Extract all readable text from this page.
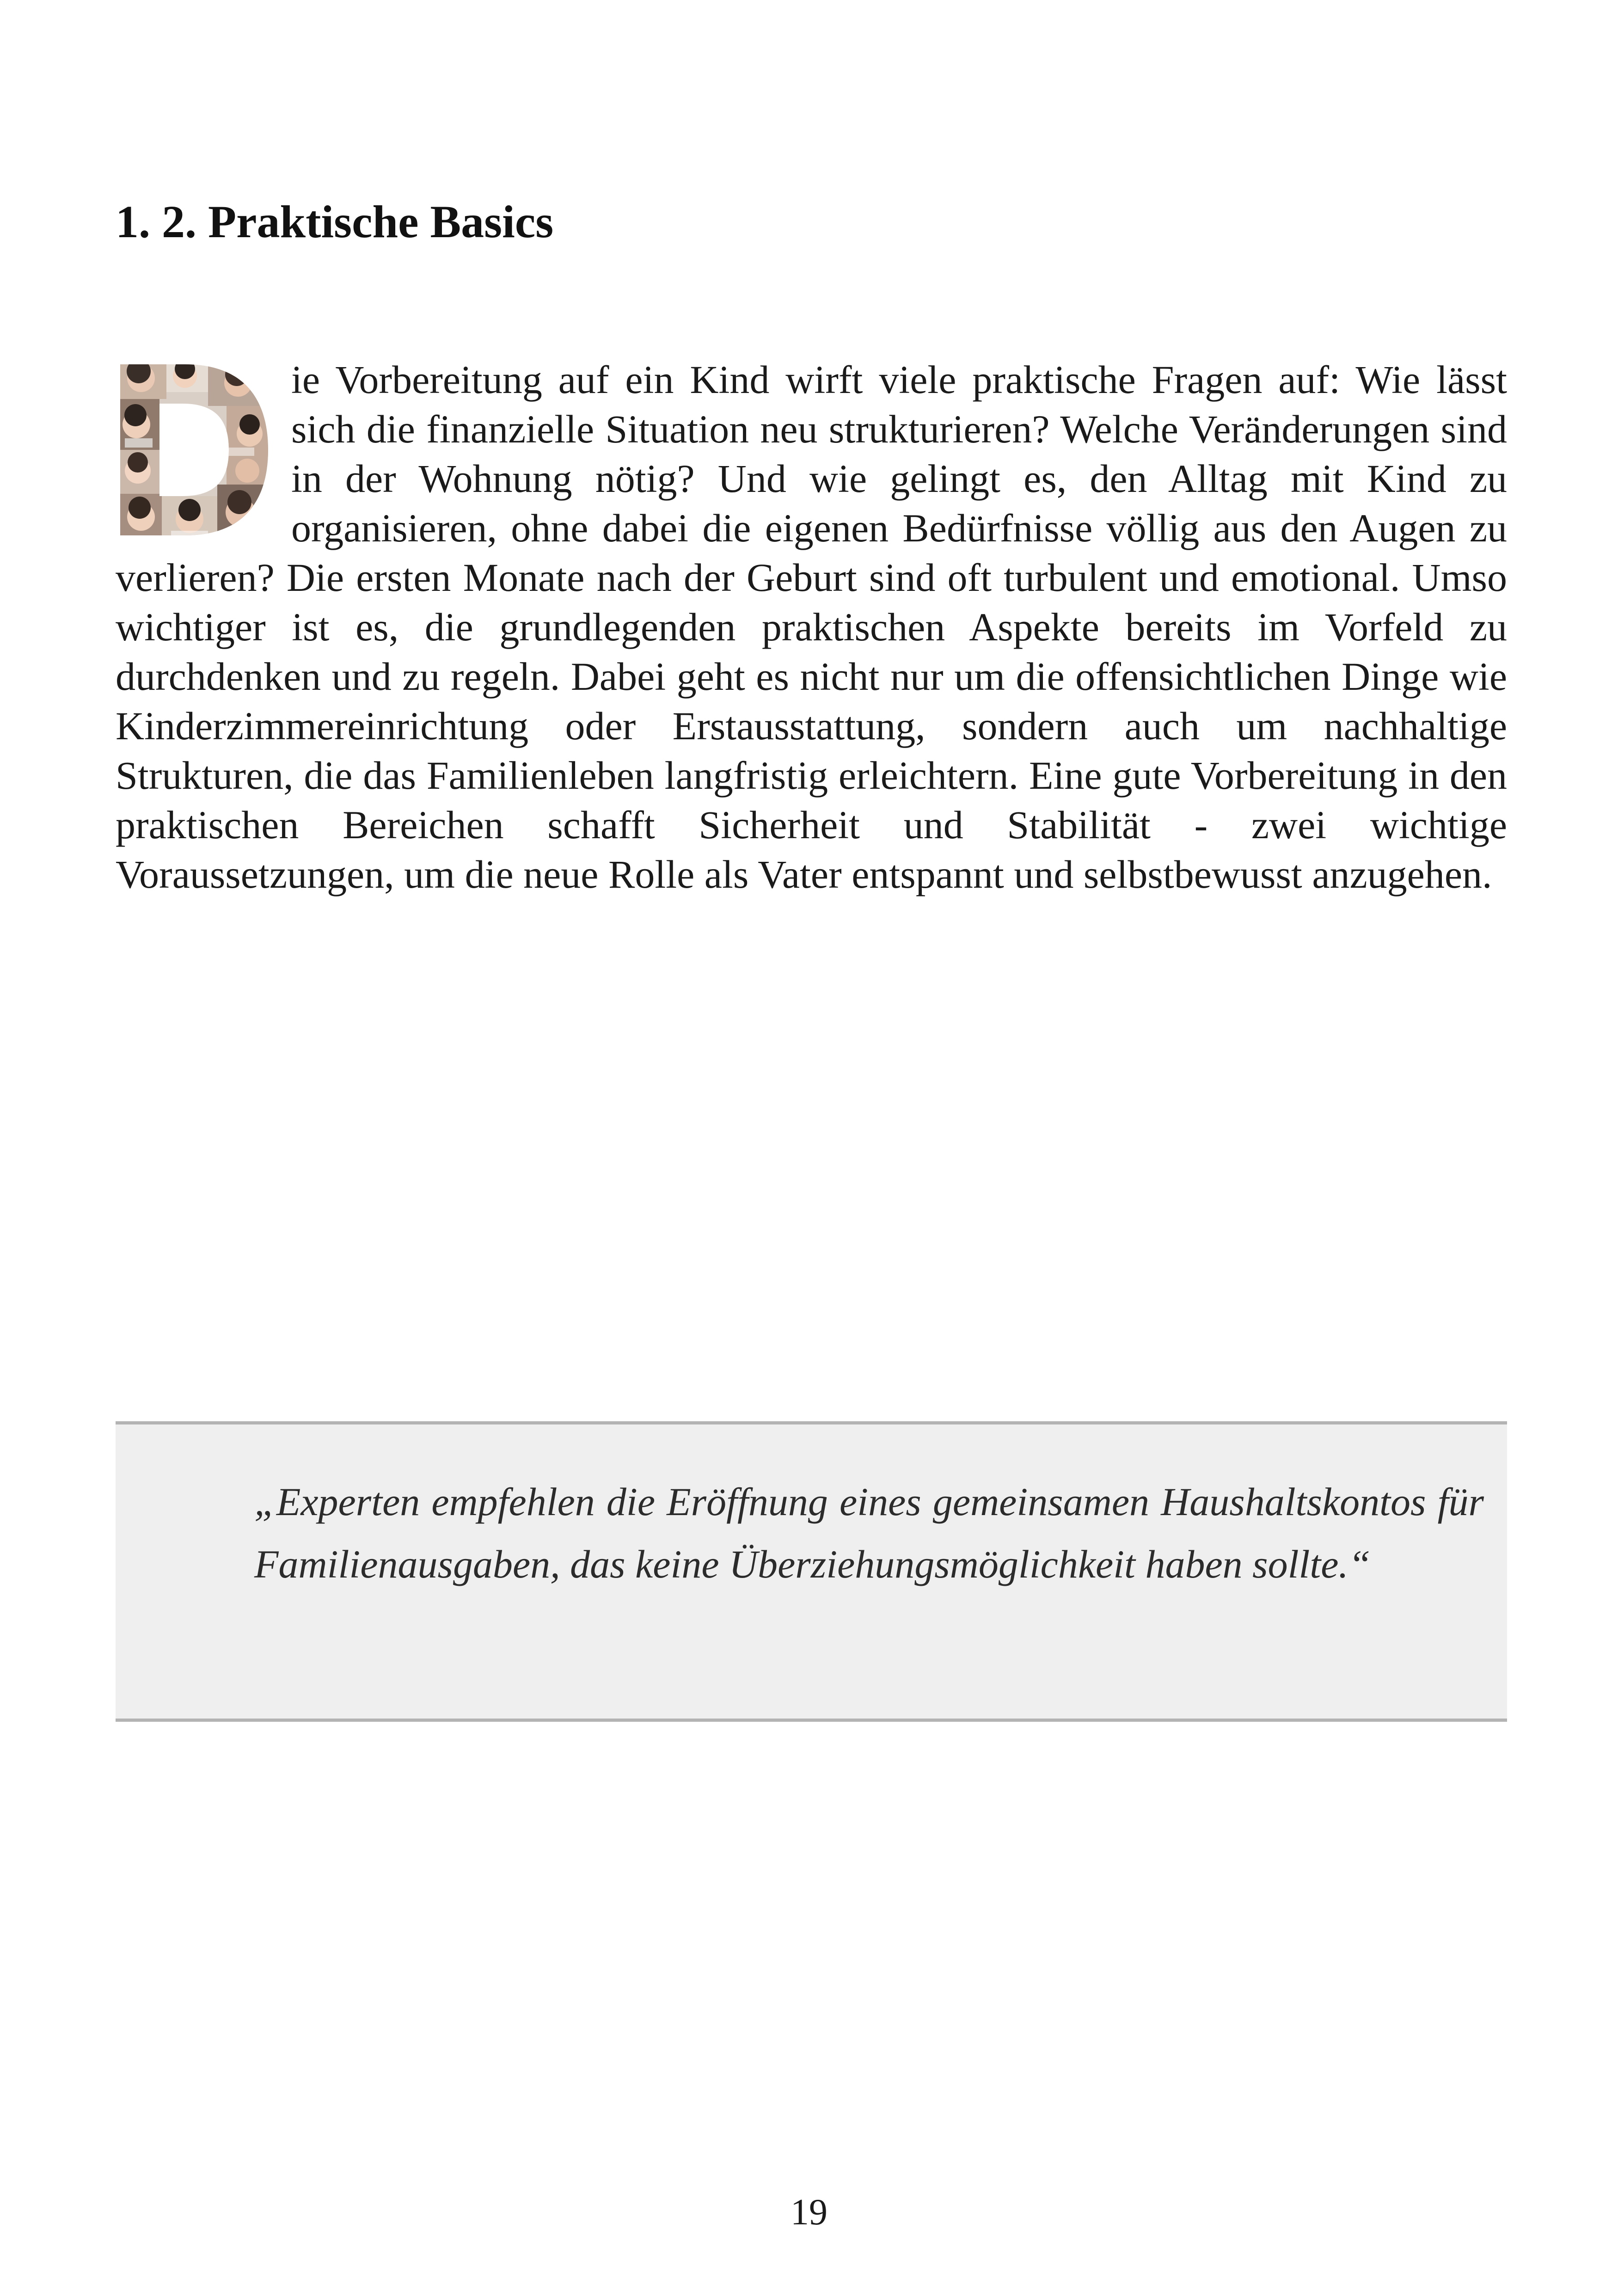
1. 2. Praktische Basics

ie Vorbereitung auf ein Kind wirft viele praktische Fragen auf: Wie lässt sich die finanzielle Situation neu strukturieren? Welche Veränderungen sind in der Wohnung nötig? Und wie gelingt es, den Alltag mit Kind zu organisieren, ohne dabei die eigenen Bedürfnisse völlig aus den Augen zu verlieren? Die ersten Monate nach der Geburt sind oft turbulent und emotional. Umso wichtiger ist es, die grundlegenden praktischen Aspekte bereits im Vorfeld zu durchdenken und zu regeln. Dabei geht es nicht nur um die offensichtlichen Dinge wie Kinderzimmereinrichtung oder Erstausstattung, sondern auch um nachhaltige Strukturen, die das Familienleben langfristig erleichtern. Eine gute Vorbereitung in den praktischen Bereichen schafft Sicherheit und Stabilität - zwei wichtige Voraussetzungen, um die neue Rolle als Vater entspannt und selbstbewusst anzugehen.

„Experten empfehlen die Eröffnung eines gemeinsamen Haushaltskontos für Familienausgaben, das keine Überziehungsmöglichkeit haben sollte.“

19
